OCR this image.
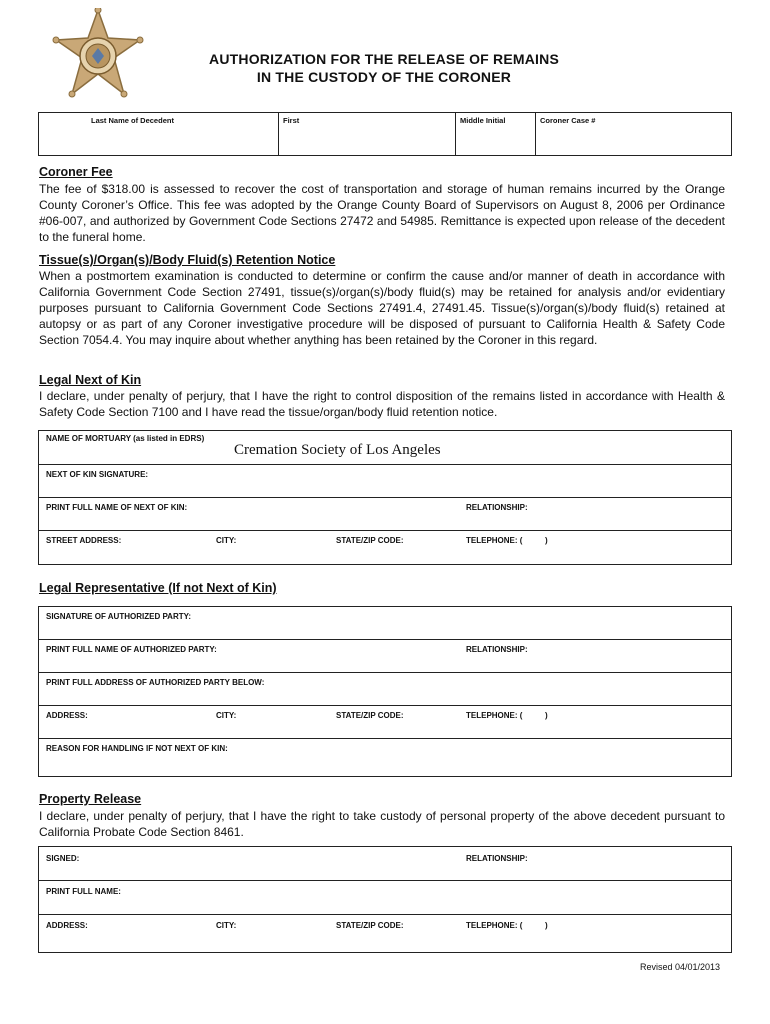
AUTHORIZATION FOR THE RELEASE OF REMAINS
IN THE CUSTODY OF THE CORONER
Last Name of Decedent	First	Middle Initial	Coroner Case #
Coroner Fee
The fee of $318.00 is assessed to recover the cost of transportation and storage of human remains incurred by the Orange County Coroner’s Office. This fee was adopted by the Orange County Board of Supervisors on August 8, 2006 per Ordinance #06-007, and authorized by Government Code Sections 27472 and 54985. Remittance is expected upon release of the decedent to the funeral home.
Tissue(s)/Organ(s)/Body Fluid(s) Retention Notice
When a postmortem examination is conducted to determine or confirm the cause and/or manner of death in accordance with California Government Code Section 27491, tissue(s)/organ(s)/body fluid(s) may be retained for analysis and/or evidentiary purposes pursuant to California Government Code Sections 27491.4, 27491.45. Tissue(s)/organ(s)/body fluid(s) retained at autopsy or as part of any Coroner investigative procedure will be disposed of pursuant to California Health & Safety Code Section 7054.4. You may inquire about whether anything has been retained by the Coroner in this regard.
Legal Next of Kin
I declare, under penalty of perjury, that I have the right to control disposition of the remains listed in accordance with Health & Safety Code Section 7100 and I have read the tissue/organ/body fluid retention notice.
NAME OF MORTUARY (as listed in EDRS)
Cremation Society of Los Angeles
NEXT OF KIN SIGNATURE:
PRINT FULL NAME OF NEXT OF KIN:	RELATIONSHIP:
STREET ADDRESS:	CITY:	STATE/ZIP CODE:	TELEPHONE: (	)
Legal Representative (If not Next of Kin)
SIGNATURE OF AUTHORIZED PARTY:
PRINT FULL NAME OF AUTHORIZED PARTY:	RELATIONSHIP:
PRINT FULL ADDRESS OF AUTHORIZED PARTY BELOW:
ADDRESS:	CITY:	STATE/ZIP CODE:	TELEPHONE: (	)
REASON FOR HANDLING IF NOT NEXT OF KIN:
Property Release
I declare, under penalty of perjury, that I have the right to take custody of personal property of the above decedent pursuant to California Probate Code Section 8461.
SIGNED:	RELATIONSHIP:
PRINT FULL NAME:
ADDRESS:	CITY:	STATE/ZIP CODE:	TELEPHONE: (	)
Revised 04/01/2013
